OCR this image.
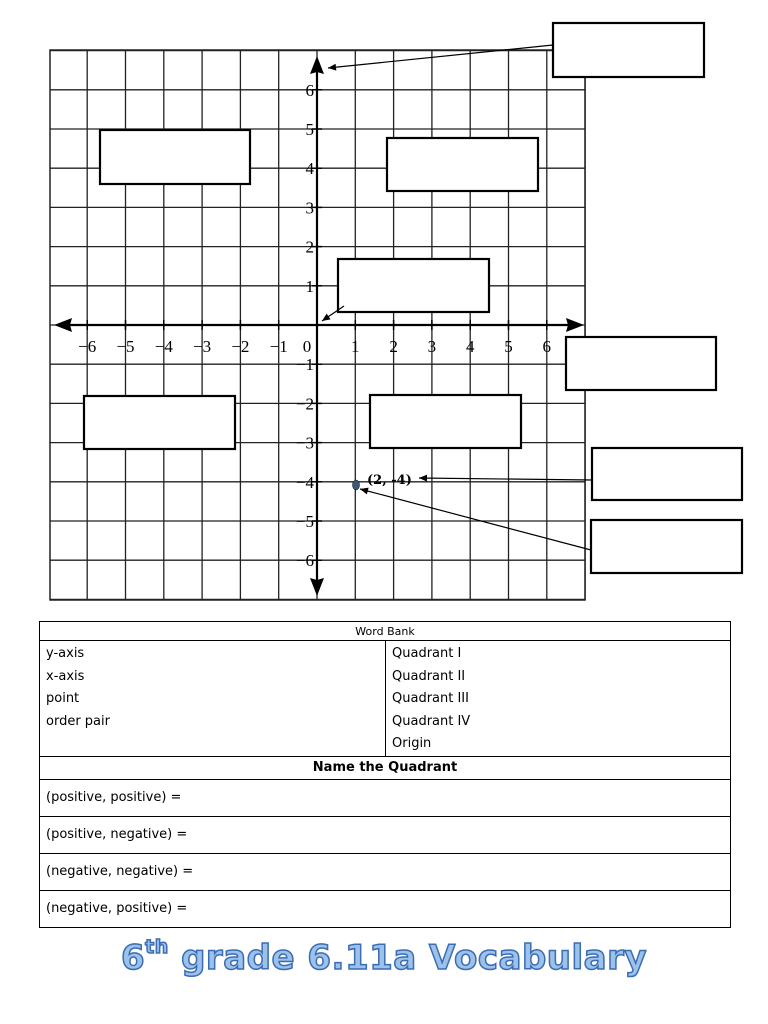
−6 −5 −4 −3 −2 −1 0 1 2 3 4 5 6
6
5
4
3
2
1
−1
−2
−3
−4
−5
−6
(2, -4)
Word Bank

y-axis
x-axis
point
order pair

Quadrant I
Quadrant II
Quadrant III
Quadrant IV
Origin

Name the Quadrant
(positive, positive) =
(positive, negative) =
(negative, negative) =
(negative, positive) =
6th grade 6.11a Vocabulary
